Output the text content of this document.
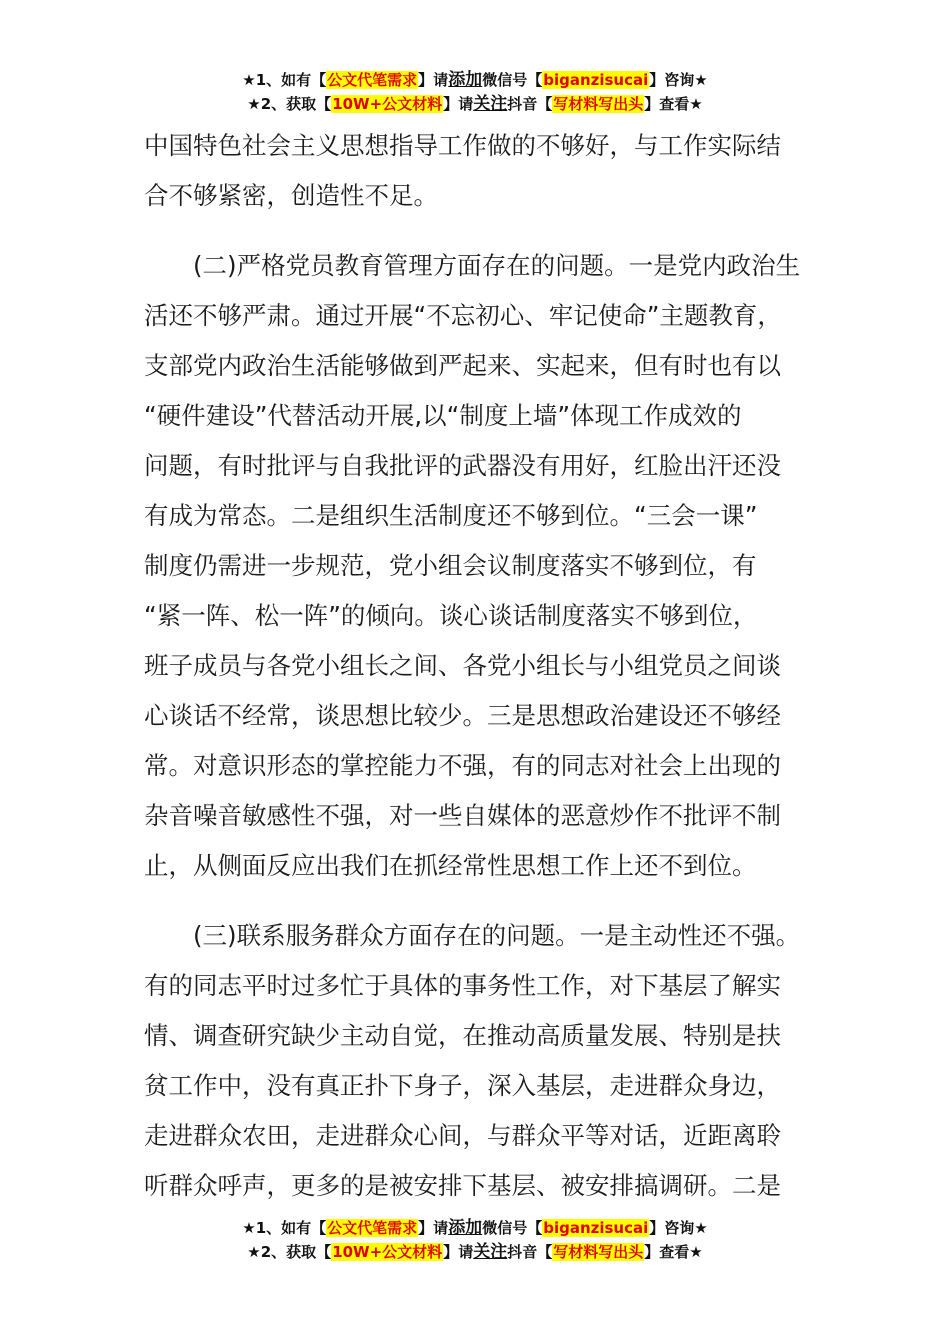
★1、如有【公文代笔需求】请添加微信号【biganzisucai】咨询★
★2、获取【10W+公文材料】请关注抖音【写材料写出头】查看★
中国特色社会主义思想指导工作做的不够好，与工作实际结
合不够紧密，创造性不足。
(二)严格党员教育管理方面存在的问题。一是党内政治生
活还不够严肃。通过开展“不忘初心、牢记使命”主题教育，
支部党内政治生活能够做到严起来、实起来，但有时也有以
“硬件建设”代替活动开展,以“制度上墙”体现工作成效的
问题，有时批评与自我批评的武器没有用好，红脸出汗还没
有成为常态。二是组织生活制度还不够到位。“三会一课”
制度仍需进一步规范，党小组会议制度落实不够到位，有
“紧一阵、松一阵”的倾向。谈心谈话制度落实不够到位，
班子成员与各党小组长之间、各党小组长与小组党员之间谈
心谈话不经常，谈思想比较少。三是思想政治建设还不够经
常。对意识形态的掌控能力不强，有的同志对社会上出现的
杂音噪音敏感性不强，对一些自媒体的恶意炒作不批评不制
止，从侧面反应出我们在抓经常性思想工作上还不到位。
(三)联系服务群众方面存在的问题。一是主动性还不强。
有的同志平时过多忙于具体的事务性工作，对下基层了解实
情、调查研究缺少主动自觉，在推动高质量发展、特别是扶
贫工作中，没有真正扑下身子，深入基层，走进群众身边，
走进群众农田，走进群众心间，与群众平等对话，近距离聆
听群众呼声，更多的是被安排下基层、被安排搞调研。二是
★1、如有【公文代笔需求】请添加微信号【biganzisucai】咨询★
★2、获取【10W+公文材料】请关注抖音【写材料写出头】查看★
